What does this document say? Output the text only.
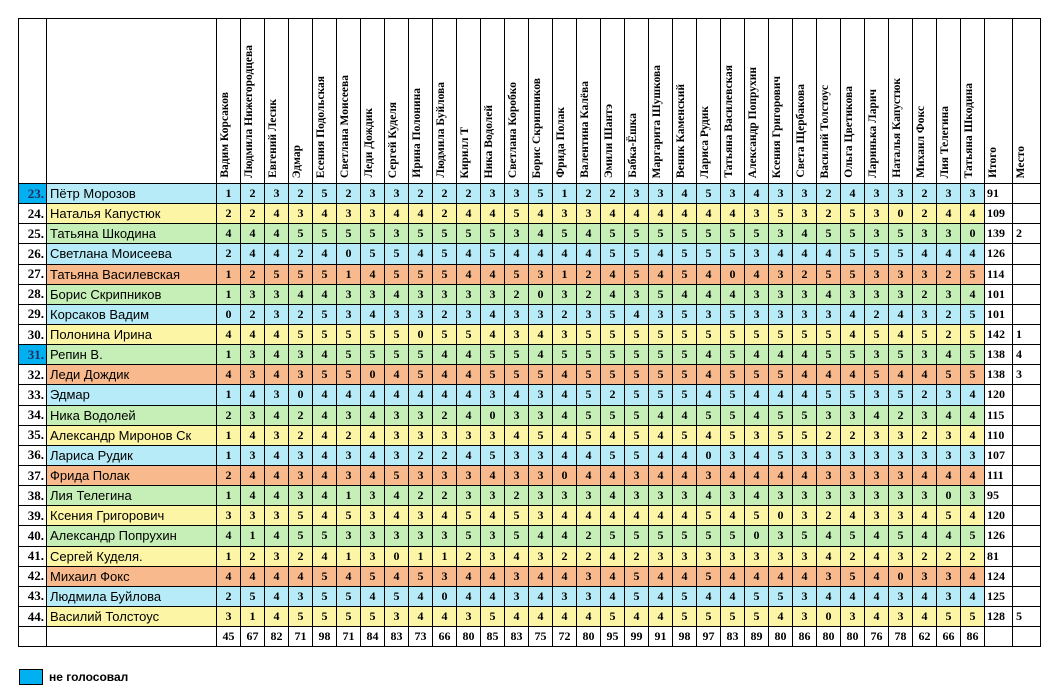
		Вадим Корсаков	Людмила Нижегородцева	Евгений Лесик	Эдмар	Есения Подольская	Светлана Моисеева	Леди Дождик	Сергей Куделя	Ирина Полонина	Людмила Буйлова	Кирилл Т	Ника Водолей	Светлана Коробко	Борис Скрипников	Фрида Полак	Валентина Калёва	Эмили Шантэ	Бабка-Ёшка	Маргарита Шушкова	Веник Каменский	Лариса Рудик	Татьяна Василевская	Александр Попрухин	Ксения Григорович	Света Щербакова	Василий Толстоус	Ольга Цветикова	Ларинька Ларич	Наталья Капустюк	Михаил Фокс	Лия Телегина	Татьяна Шкодина	Итого	Место
23.	Пётр Морозов	1	2	3	2	5	2	3	3	2	2	2	3	3	5	1	2	2	3	3	4	5	3	4	3	3	2	4	3	3	2	3	3	91	
24.	Наталья Капустюк	2	2	4	3	4	3	3	4	4	2	4	4	5	4	3	3	4	4	4	4	4	4	3	5	3	2	5	3	0	2	4	4	109	
25.	Татьяна Шкодина	4	4	4	5	5	5	5	3	5	5	5	5	3	4	5	4	5	5	5	5	5	5	5	3	4	5	5	3	5	3	3	0	139	2
26.	Светлана Моисеева	2	4	4	2	4	0	5	5	4	5	4	5	4	4	4	4	5	5	4	5	5	5	3	4	4	4	5	5	5	4	4	4	126	
27.	Татьяна Василевская	1	2	5	5	5	1	4	5	5	5	4	4	5	3	1	2	4	5	4	5	4	0	4	3	2	5	5	3	3	3	2	5	114	
28.	Борис Скрипников	1	3	3	4	4	3	3	4	3	3	3	3	2	0	3	2	4	3	5	4	4	4	3	3	3	4	3	3	3	2	3	4	101	
29.	Корсаков Вадим	0	2	3	2	5	3	4	3	3	2	3	4	3	3	2	3	5	4	3	5	3	5	3	3	3	3	4	2	4	3	2	5	101	
30.	Полонина Ирина	4	4	4	5	5	5	5	5	0	5	5	4	3	4	3	5	5	5	5	5	5	5	5	5	5	5	4	5	4	5	2	5	142	1
31.	Репин В.	1	3	4	3	4	5	5	5	5	4	4	5	5	4	5	5	5	5	5	5	4	5	4	4	4	5	5	3	5	3	4	5	138	4
32.	Леди Дождик	4	3	4	3	5	5	0	4	5	4	4	5	5	5	4	5	5	5	5	5	4	5	5	5	4	4	4	5	4	4	5	5	138	3
33.	Эдмар	1	4	3	0	4	4	4	4	4	4	4	3	4	3	4	5	2	5	5	5	4	5	4	4	4	5	5	3	5	2	3	4	120	
34.	Ника Водолей	2	3	4	2	4	3	4	3	3	2	4	0	3	3	4	5	5	5	4	4	5	5	4	5	5	3	3	4	2	3	4	4	115	
35.	Александр Миронов Ск	1	4	3	2	4	2	4	3	3	3	3	3	4	5	4	5	4	5	4	5	4	5	3	5	5	2	2	3	3	2	3	4	110	
36.	Лариса Рудик	1	3	4	3	4	3	4	3	2	2	4	5	3	3	4	4	5	5	4	4	0	3	4	5	3	3	3	3	3	3	3	3	107	
37.	Фрида Полак	2	4	4	3	4	3	4	5	3	3	3	4	3	3	0	4	4	3	4	4	3	4	4	4	4	3	3	3	3	4	4	4	111	
38.	Лия Телегина	1	4	4	3	4	1	3	4	2	2	3	3	2	3	3	3	4	3	3	3	4	3	4	3	3	3	3	3	3	3	0	3	95	
39.	Ксения Григорович	3	3	3	5	4	5	3	4	3	4	5	4	5	3	4	4	4	4	4	4	5	4	5	0	3	2	4	3	3	4	5	4	120	
40.	Александр Попрухин	4	1	4	5	5	3	3	3	3	3	5	3	5	4	4	2	5	5	5	5	5	5	0	3	5	4	5	4	5	4	4	5	126	
41.	Сергей Куделя.	1	2	3	2	4	1	3	0	1	1	2	3	4	3	2	2	4	2	3	3	3	3	3	3	3	4	2	4	3	2	2	2	81	
42.	Михаил Фокс	4	4	4	4	5	4	5	4	5	3	4	4	3	4	4	3	4	5	4	4	5	4	4	4	4	3	5	4	0	3	3	4	124	
43.	Людмила Буйлова	2	5	4	3	5	5	4	5	4	0	4	4	3	4	3	3	4	5	4	5	4	4	5	5	3	4	4	4	3	4	3	4	125	
44.	Василий Толстоус	3	1	4	5	5	5	5	3	4	4	3	5	4	4	4	4	5	4	4	5	5	5	5	4	3	0	3	4	3	4	5	5	128	5
		45	67	82	71	98	71	84	83	73	66	80	85	83	75	72	80	95	99	91	98	97	83	89	80	86	80	80	76	78	62	66	86		
не голосовал
